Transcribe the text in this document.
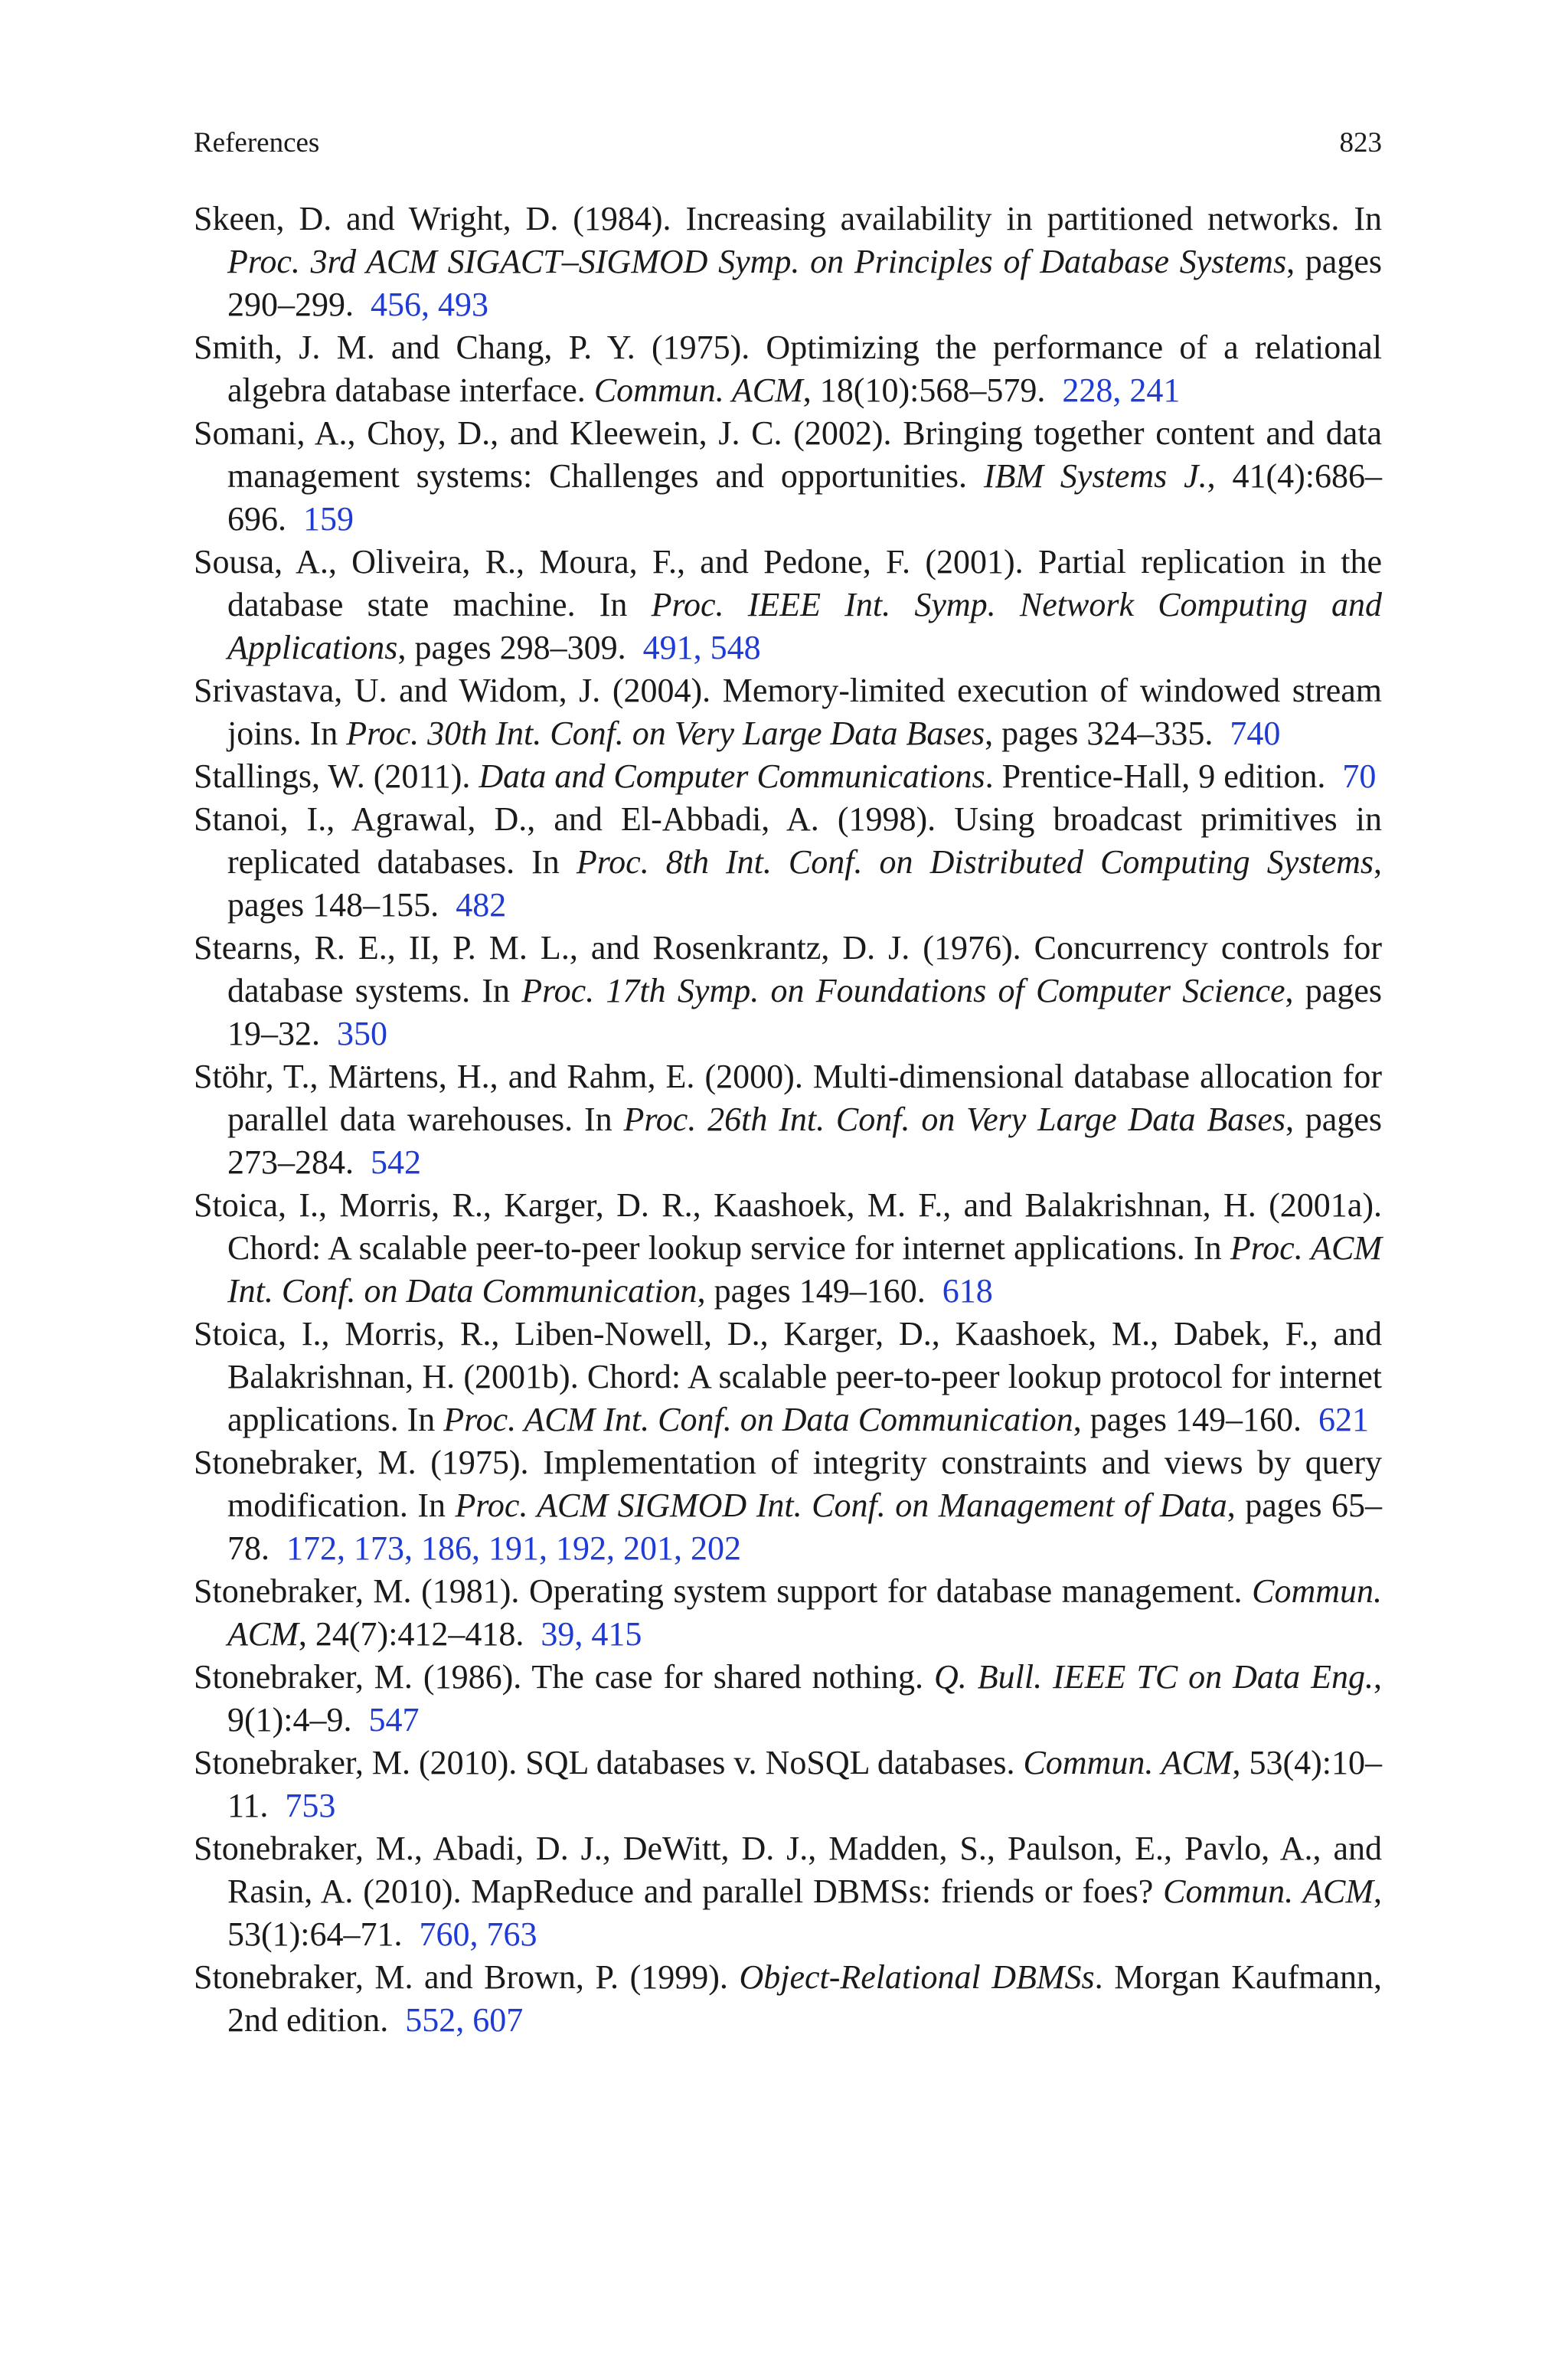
References	823
Skeen, D. and Wright, D. (1984). Increasing availability in partitioned networks. In Proc. 3rd ACM SIGACT–SIGMOD Symp. on Principles of Database Systems, pages 290–299. 456, 493
Smith, J. M. and Chang, P. Y. (1975). Optimizing the performance of a relational algebra database interface. Commun. ACM, 18(10):568–579. 228, 241
Somani, A., Choy, D., and Kleewein, J. C. (2002). Bringing together content and data management systems: Challenges and opportunities. IBM Systems J., 41(4):686–696. 159
Sousa, A., Oliveira, R., Moura, F., and Pedone, F. (2001). Partial replication in the database state machine. In Proc. IEEE Int. Symp. Network Computing and Applications, pages 298–309. 491, 548
Srivastava, U. and Widom, J. (2004). Memory-limited execution of windowed stream joins. In Proc. 30th Int. Conf. on Very Large Data Bases, pages 324–335. 740
Stallings, W. (2011). Data and Computer Communications. Prentice-Hall, 9 edition. 70
Stanoi, I., Agrawal, D., and El-Abbadi, A. (1998). Using broadcast primitives in replicated databases. In Proc. 8th Int. Conf. on Distributed Computing Systems, pages 148–155. 482
Stearns, R. E., II, P. M. L., and Rosenkrantz, D. J. (1976). Concurrency controls for database systems. In Proc. 17th Symp. on Foundations of Computer Science, pages 19–32. 350
Stöhr, T., Märtens, H., and Rahm, E. (2000). Multi-dimensional database allocation for parallel data warehouses. In Proc. 26th Int. Conf. on Very Large Data Bases, pages 273–284. 542
Stoica, I., Morris, R., Karger, D. R., Kaashoek, M. F., and Balakrishnan, H. (2001a). Chord: A scalable peer-to-peer lookup service for internet applications. In Proc. ACM Int. Conf. on Data Communication, pages 149–160. 618
Stoica, I., Morris, R., Liben-Nowell, D., Karger, D., Kaashoek, M., Dabek, F., and Balakrishnan, H. (2001b). Chord: A scalable peer-to-peer lookup protocol for internet applications. In Proc. ACM Int. Conf. on Data Communication, pages 149–160. 621
Stonebraker, M. (1975). Implementation of integrity constraints and views by query modification. In Proc. ACM SIGMOD Int. Conf. on Management of Data, pages 65–78. 172, 173, 186, 191, 192, 201, 202
Stonebraker, M. (1981). Operating system support for database management. Commun. ACM, 24(7):412–418. 39, 415
Stonebraker, M. (1986). The case for shared nothing. Q. Bull. IEEE TC on Data Eng., 9(1):4–9. 547
Stonebraker, M. (2010). SQL databases v. NoSQL databases. Commun. ACM, 53(4):10–11. 753
Stonebraker, M., Abadi, D. J., DeWitt, D. J., Madden, S., Paulson, E., Pavlo, A., and Rasin, A. (2010). MapReduce and parallel DBMSs: friends or foes? Commun. ACM, 53(1):64–71. 760, 763
Stonebraker, M. and Brown, P. (1999). Object-Relational DBMSs. Morgan Kaufmann, 2nd edition. 552, 607
